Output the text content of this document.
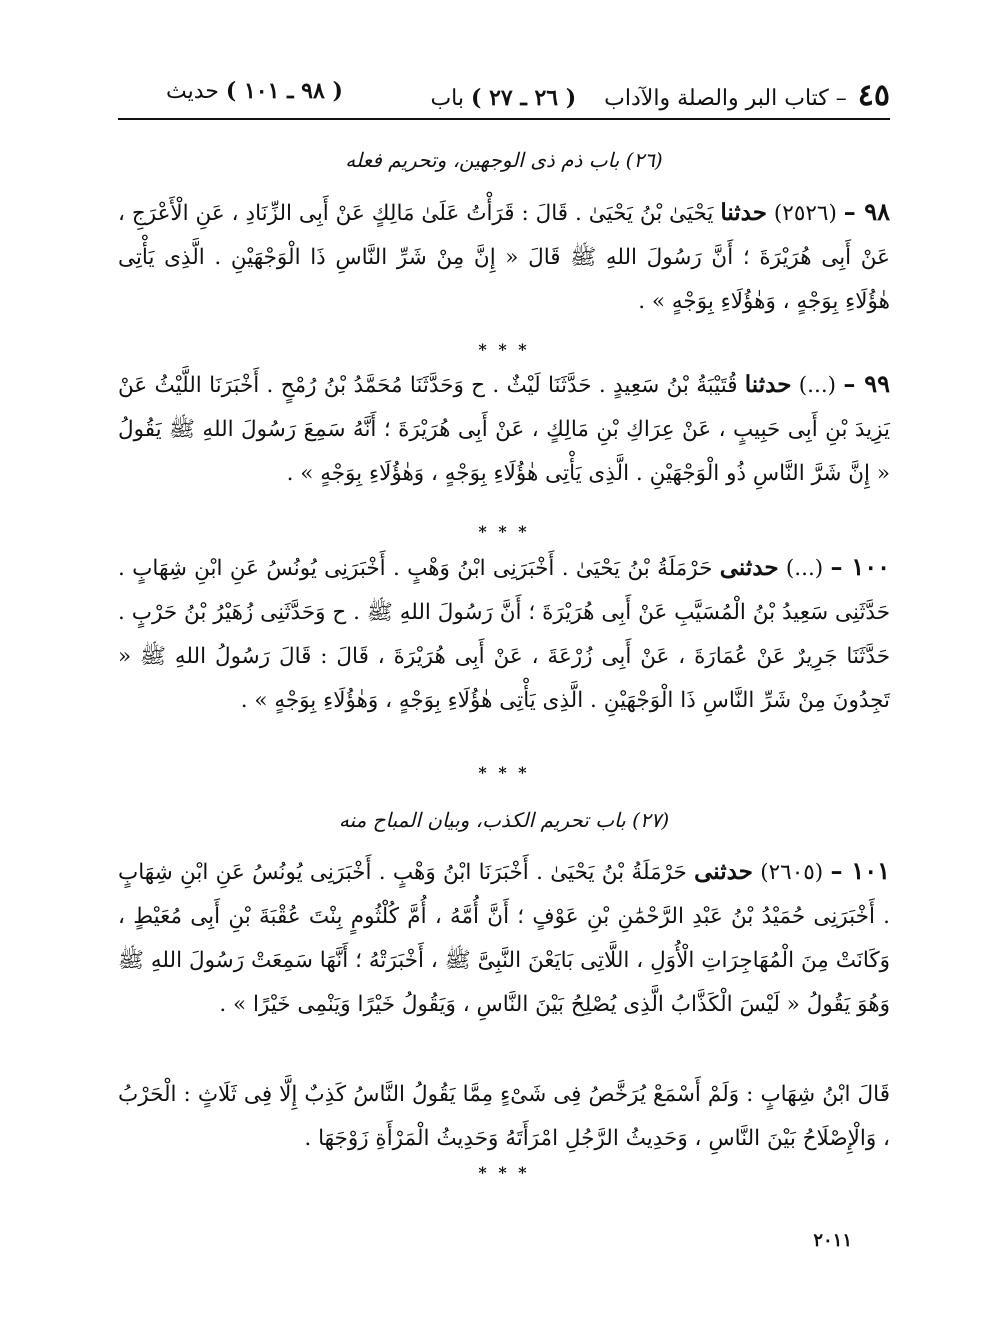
٤٥ – كتاب البر والصلة والآداب    ( ٢٦ ـ ٢٧ ) باب
( ٩٨ ـ ١٠١ ) حديث

(٢٦) باب ذم ذى الوجهين، وتحريم فعله

٩٨ – (٢٥٢٦) حدثنا يَحْيَىٰ بْنُ يَحْيَىٰ . قَالَ : قَرَأْتُ عَلَىٰ مَالِكٍ عَنْ أَبِى الزِّنَادِ ، عَنِ الْأَعْرَجِ ، عَنْ أَبِى هُرَيْرَةَ ؛ أَنَّ رَسُولَ اللهِ ﷺ قَالَ « إِنَّ مِنْ شَرِّ النَّاسِ ذَا الْوَجْهَيْنِ . الَّذِى يَأْتِى هٰؤُلَاءِ بِوَجْهٍ ، وَهٰؤُلَاءِ بِوَجْهٍ » .

* * *

٩٩ – (...) حدثنا قُتَيْبَةُ بْنُ سَعِيدٍ . حَدَّثَنَا لَيْثٌ . ح وَحَدَّثَنَا مُحَمَّدُ بْنُ رُمْحٍ . أَخْبَرَنَا اللَّيْثُ عَنْ يَزِيدَ بْنِ أَبِى حَبِيبٍ ، عَنْ عِرَاكِ بْنِ مَالِكٍ ، عَنْ أَبِى هُرَيْرَةَ ؛ أَنَّهُ سَمِعَ رَسُولَ اللهِ ﷺ يَقُولُ « إِنَّ شَرَّ النَّاسِ ذُو الْوَجْهَيْنِ . الَّذِى يَأْتِى هٰؤُلَاءِ بِوَجْهٍ ، وَهٰؤُلَاءِ بِوَجْهٍ » .

* * *

١٠٠ – (...) حدثنى حَرْمَلَةُ بْنُ يَحْيَىٰ . أَخْبَرَنِى ابْنُ وَهْبٍ . أَخْبَرَنِى يُونُسُ عَنِ ابْنِ شِهَابٍ . حَدَّثَنِى سَعِيدُ بْنُ الْمُسَيَّبِ عَنْ أَبِى هُرَيْرَةَ ؛ أَنَّ رَسُولَ اللهِ ﷺ . ح وَحَدَّثَنِى زُهَيْرُ بْنُ حَرْبٍ . حَدَّثَنَا جَرِيرٌ عَنْ عُمَارَةَ ، عَنْ أَبِى زُرْعَةَ ، عَنْ أَبِى هُرَيْرَةَ ، قَالَ : قَالَ رَسُولُ اللهِ ﷺ « تَجِدُونَ مِنْ شَرِّ النَّاسِ ذَا الْوَجْهَيْنِ . الَّذِى يَأْتِى هٰؤُلَاءِ بِوَجْهٍ ، وَهٰؤُلَاءِ بِوَجْهٍ » .

* * *

(٢٧) باب تحريم الكذب، وبيان المباح منه

١٠١ – (٢٦٠٥) حدثنى حَرْمَلَةُ بْنُ يَحْيَىٰ . أَخْبَرَنَا ابْنُ وَهْبٍ . أَخْبَرَنِى يُونُسُ عَنِ ابْنِ شِهَابٍ . أَخْبَرَنِى حُمَيْدُ بْنُ عَبْدِ الرَّحْمَٰنِ بْنِ عَوْفٍ ؛ أَنَّ أُمَّهُ ، أُمَّ كُلْثُومٍ بِنْتَ عُقْبَةَ بْنِ أَبِى مُعَيْطٍ ، وَكَانَتْ مِنَ الْمُهَاجِرَاتِ الْأُوَلِ ، اللَّاتِى بَايَعْنَ النَّبِىَّ ﷺ ، أَخْبَرَتْهُ ؛ أَنَّهَا سَمِعَتْ رَسُولَ اللهِ ﷺ وَهُوَ يَقُولُ « لَيْسَ الْكَذَّابُ الَّذِى يُصْلِحُ بَيْنَ النَّاسِ ، وَيَقُولُ خَيْرًا وَيَنْمِى خَيْرًا » .

قَالَ ابْنُ شِهَابٍ : وَلَمْ أَسْمَعْ يُرَخَّصُ فِى شَىْءٍ مِمَّا يَقُولُ النَّاسُ كَذِبٌ إِلَّا فِى ثَلَاثٍ : الْحَرْبُ ، وَالْإِصْلَاحُ بَيْنَ النَّاسِ ، وَحَدِيثُ الرَّجُلِ امْرَأَتَهُ وَحَدِيثُ الْمَرْأَةِ زَوْجَهَا .

* * *
٢٠١١
